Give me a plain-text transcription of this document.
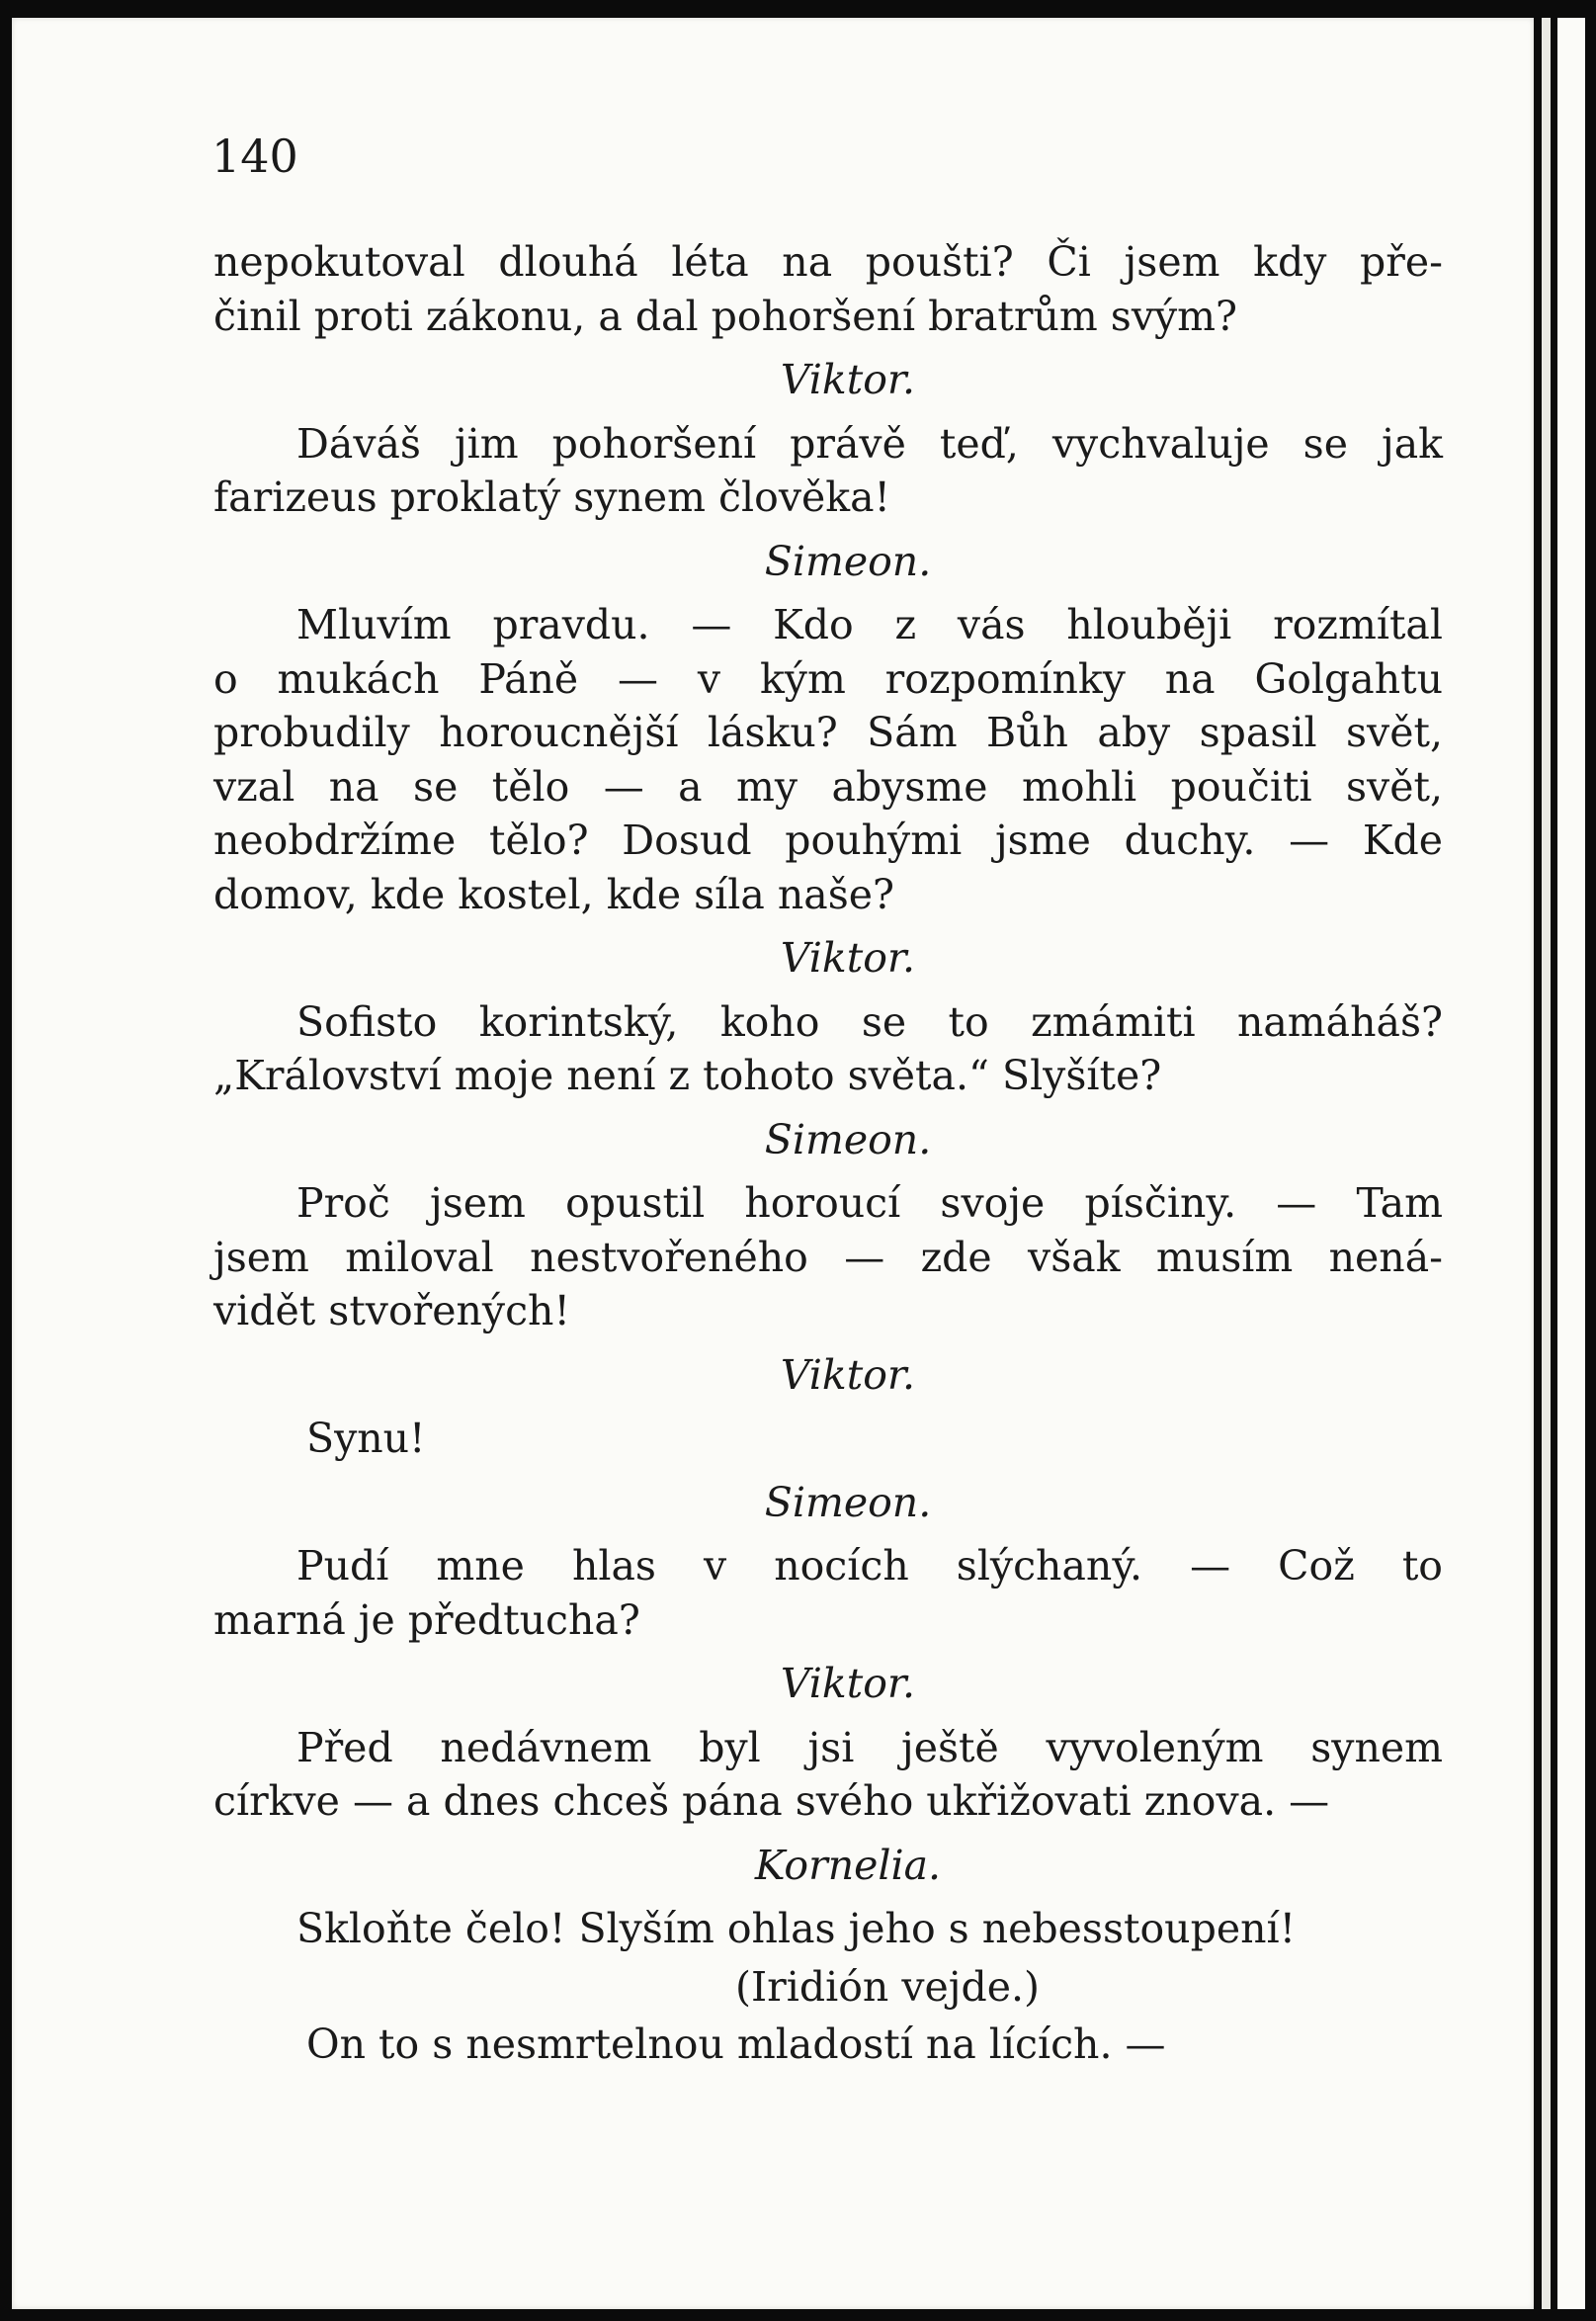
140
nepokutoval dlouhá léta na poušti? Či jsem kdy pře-
činil proti zákonu, a dal pohoršení bratrům svým?
Viktor.
Dáváš jim pohoršení právě teď, vychvaluje se jak
farizeus proklatý synem člověka!
Simeon.
Mluvím pravdu. — Kdo z vás hlouběji rozmítal
o mukách Páně — v kým rozpomínky na Golgahtu
probudily horoucnější lásku? Sám Bůh aby spasil svět,
vzal na se tělo — a my abysme mohli poučiti svět,
neobdržíme tělo? Dosud pouhými jsme duchy. — Kde
domov, kde kostel, kde síla naše?
Viktor.
Sofisto korintský, koho se to zmámiti namáháš?
„Království moje není z tohoto světa.“ Slyšíte?
Simeon.
Proč jsem opustil horoucí svoje písčiny. — Tam
jsem miloval nestvořeného — zde však musím nená-
vidět stvořených!
Viktor.
Synu!
Simeon.
Pudí mne hlas v nocích slýchaný. — Což to
marná je předtucha?
Viktor.
Před nedávnem byl jsi ještě vyvoleným synem
církve — a dnes chceš pána svého ukřižovati znova. —
Kornelia.
Skloňte čelo! Slyším ohlas jeho s nebesstoupení!
(Iridión vejde.)
On to s nesmrtelnou mladostí na lících. —
